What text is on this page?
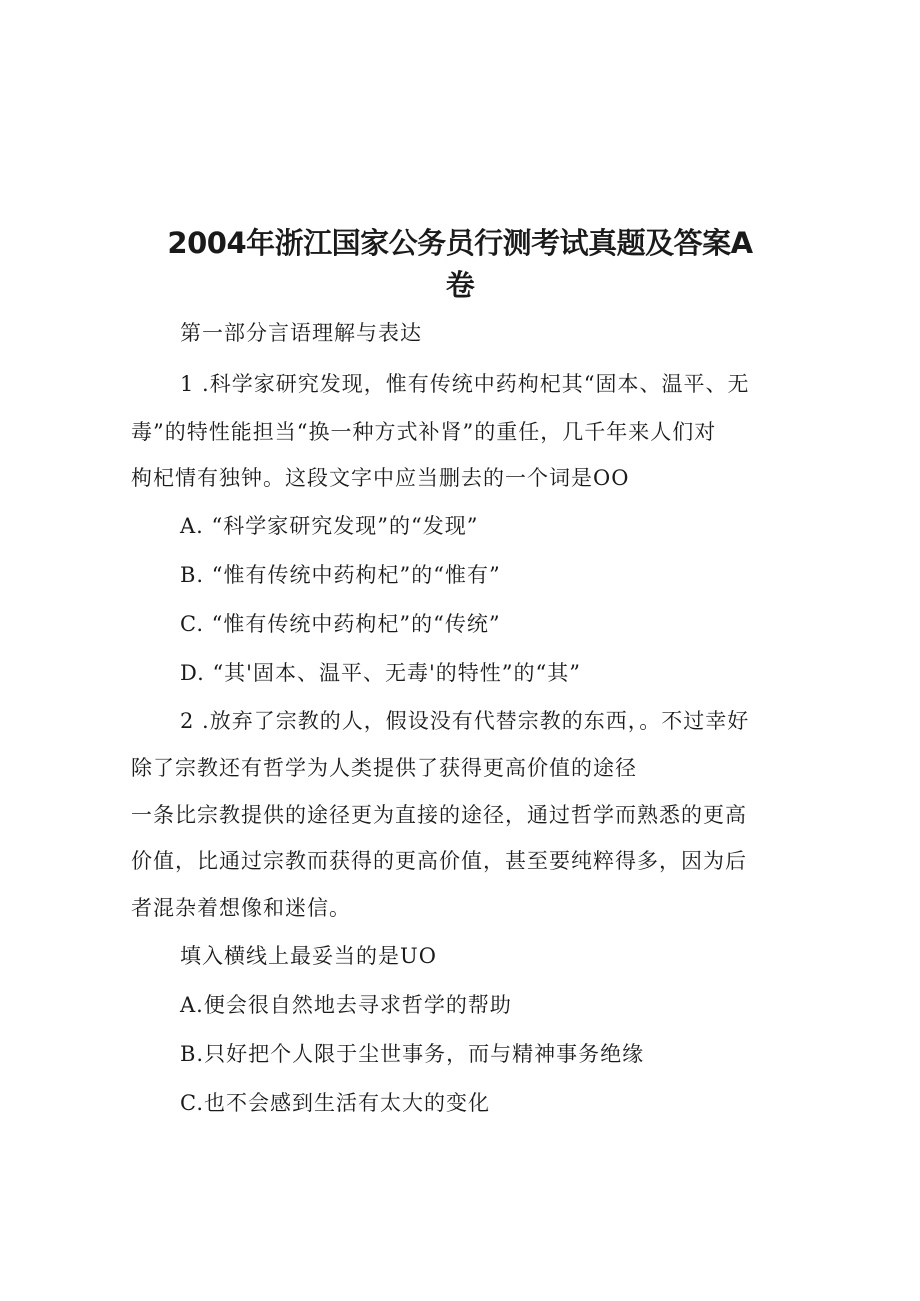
2004年浙江国家公务员行测考试真题及答案A
卷
第一部分言语理解与表达
1 .科学家研究发现，惟有传统中药枸杞其“固本、温平、无
毒”的特性能担当“换一种方式补肾”的重任，几千年来人们对
枸杞情有独钟。这段文字中应当删去的一个词是OO
A. “科学家研究发现”的“发现”
B. “惟有传统中药枸杞”的“惟有”
C. “惟有传统中药枸杞”的“传统”
D. “其'固本、温平、无毒'的特性”的“其”
2 .放弃了宗教的人，假设没有代替宗教的东西，。不过幸好
除了宗教还有哲学为人类提供了获得更高价值的途径
一条比宗教提供的途径更为直接的途径，通过哲学而熟悉的更高
价值，比通过宗教而获得的更高价值，甚至要纯粹得多，因为后
者混杂着想像和迷信。
填入横线上最妥当的是UO
A.便会很自然地去寻求哲学的帮助
B.只好把个人限于尘世事务，而与精神事务绝缘
C.也不会感到生活有太大的变化
